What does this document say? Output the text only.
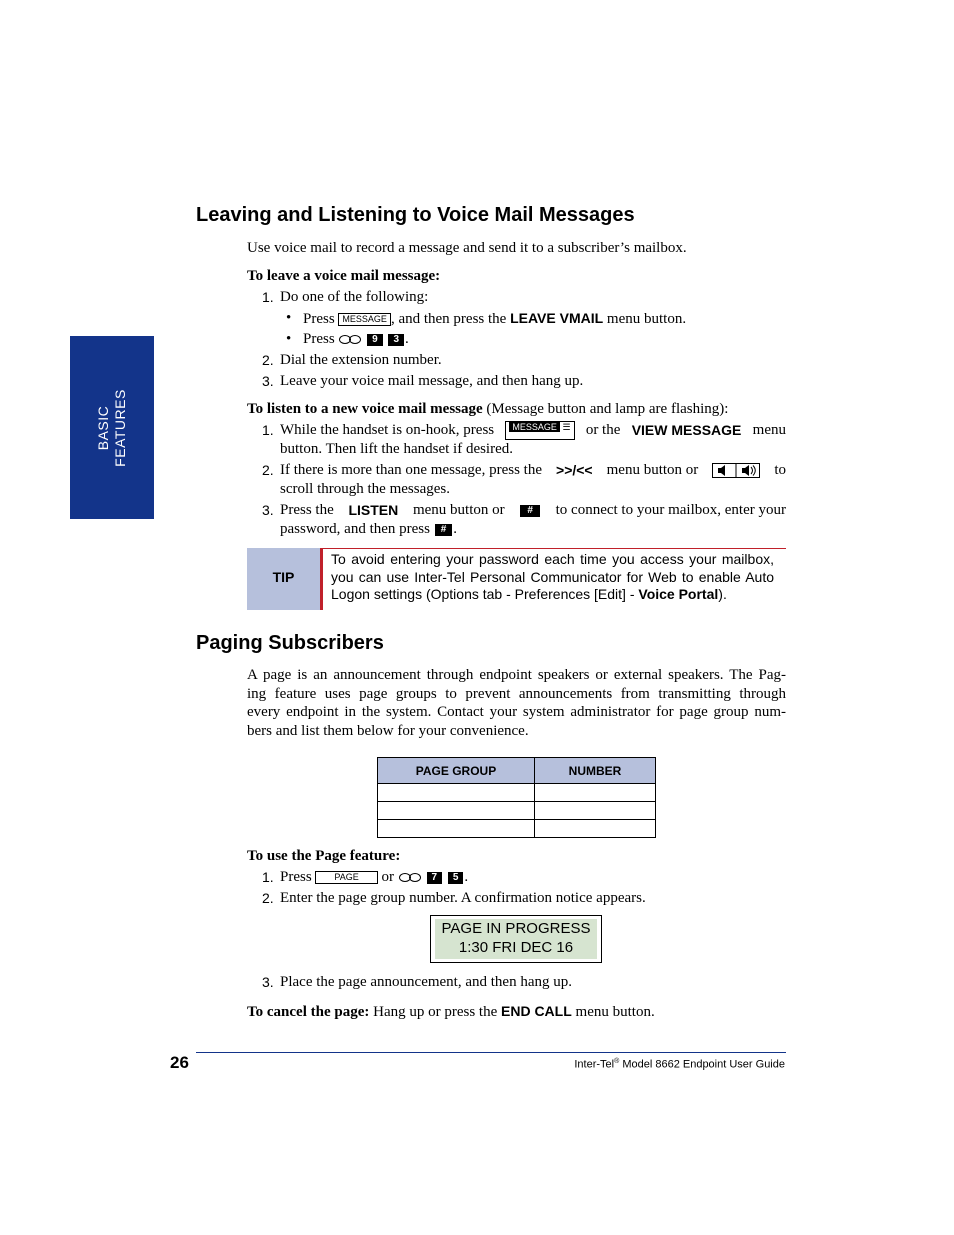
BASIC FEATURES
Leaving and Listening to Voice Mail Messages
Use voice mail to record a message and send it to a subscriber’s mailbox.
To leave a voice mail message:
1. Do one of the following:
• Press MESSAGE , and then press the LEAVE VMAIL menu button.
• Press	9 3 .
2. Dial the extension number.
3. Leave your voice mail message, and then hang up.
To listen to a new voice mail message (Message button and lamp are flashing):
1. While the handset is on-hook, press	MESSAGE ☰ or the VIEW MESSAGE menu
button. Then lift the handset if desired.
2. If there is more than one message, press the >>/<< menu button or	to
scroll through the messages.
3. Press the LISTEN menu button or	#	to connect to your mailbox, enter your
password, and then press # .
TIP
To avoid entering your password each time you access your mailbox, you can use Inter-Tel Personal Communicator for Web to enable Auto Logon settings (Options tab - Preferences [Edit] - Voice Portal).
Paging Subscribers
A page is an announcement through endpoint speakers or external speakers. The Pag-
ing feature uses page groups to prevent announcements from transmitting through
every endpoint in the system. Contact your system administrator for page group num-
bers and list them below for your convenience.
PAGE GROUP	NUMBER

To use the Page feature:
1. Press	PAGE or	7 5 .
2. Enter the page group number. A confirmation notice appears.
PAGE IN PROGRESS
1:30 FRI DEC 16
3. Place the page announcement, and then hang up.
To cancel the page: Hang up or press the END CALL menu button.
26	Inter-Tel® Model 8662 Endpoint User Guide
